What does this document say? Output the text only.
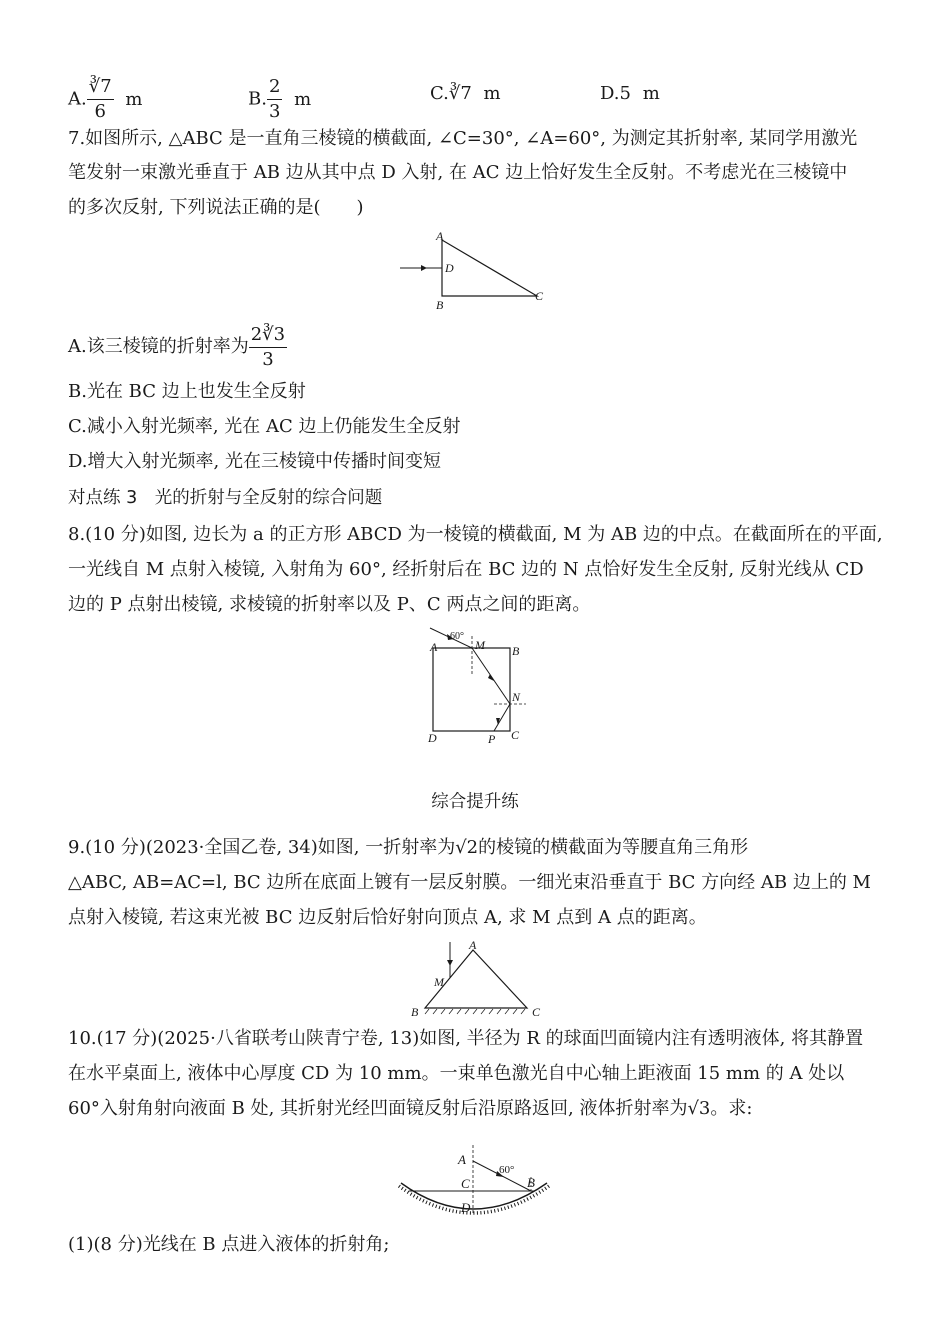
A. $\frac{∛7}{6}$ m	B. $\frac{2}{3}$ m	C.∛7 m	D.5 m
7.如图所示, △ABC 是一直角三棱镜的横截面, ∠C=30°, ∠A=60°, 为测定其折射率, 某同学用激光
笔发射一束激光垂直于 AB 边从其中点 D 入射, 在 AC 边上恰好发生全反射。不考虑光在三棱镜中
的多次反射, 下列说法正确的是(　　)
A
D
B
C
A.该三棱镜的折射率为 $\frac{2∛3}{3}$
B.光在 BC 边上也发生全反射
C.减小入射光频率, 光在 AC 边上仍能发生全反射
D.增大入射光频率, 光在三棱镜中传播时间变短
对点练 3　光的折射与全反射的综合问题
8.(10 分)如图, 边长为 a 的正方形 ABCD 为一棱镜的横截面, M 为 AB 边的中点。在截面所在的平面,
一光线自 M 点射入棱镜, 入射角为 60°, 经折射后在 BC 边的 N 点恰好发生全反射, 反射光线从 CD
边的 P 点射出棱镜, 求棱镜的折射率以及 P、C 两点之间的距离。
60°
A	M B
N
D	P C
综合提升练
9.(10 分)(2023·全国乙卷, 34)如图, 一折射率为√2的棱镜的横截面为等腰直角三角形
△ABC, AB=AC=l, BC 边所在底面上镀有一层反射膜。一细光束沿垂直于 BC 方向经 AB 边上的 M
点射入棱镜, 若这束光被 BC 边反射后恰好射向顶点 A, 求 M 点到 A 点的距离。
A
M
B	C
10.(17 分)(2025·八省联考山陕青宁卷, 13)如图, 半径为 R 的球面凹面镜内注有透明液体, 将其静置
在水平桌面上, 液体中心厚度 CD 为 10 mm。一束单色激光自中心轴上距液面 15 mm 的 A 处以
60°入射角射向液面 B 处, 其折射光经凹面镜反射后沿原路返回, 液体折射率为√3。求:
A
60°
B
C
D
(1)(8 分)光线在 B 点进入液体的折射角;
